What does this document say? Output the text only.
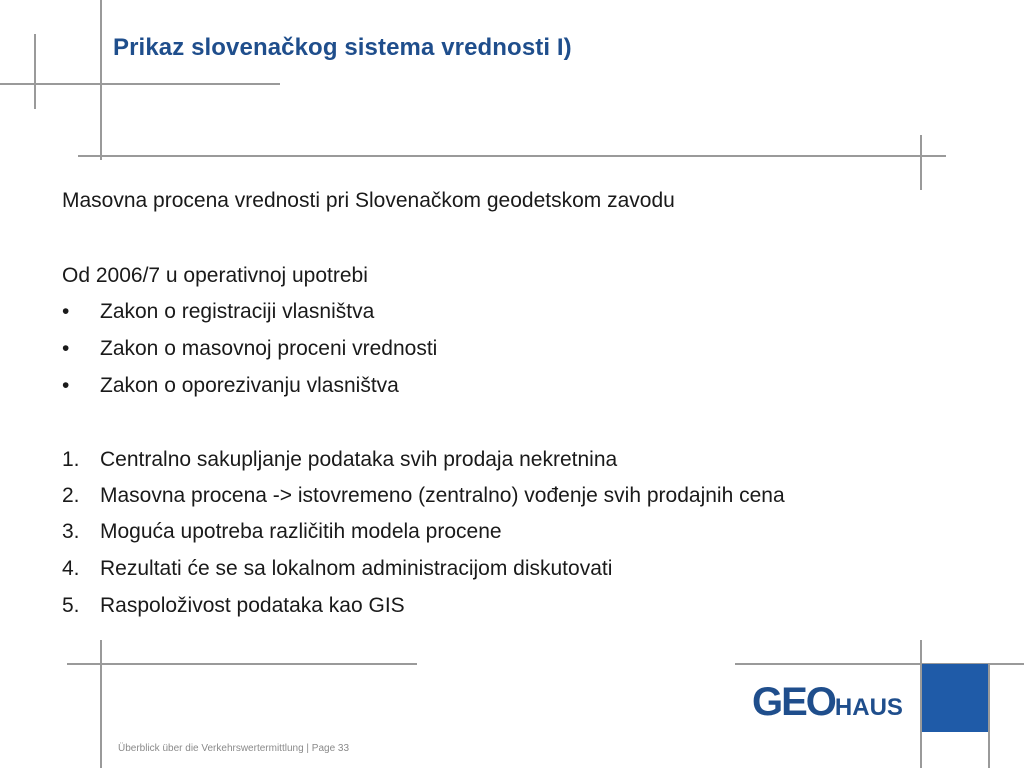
Prikaz slovenačkog sistema vrednosti I)
Masovna procena vrednosti pri Slovenačkom geodetskom zavodu
Od 2006/7 u operativnoj upotrebi
• Zakon o registraciji vlasništva
• Zakon o masovnoj proceni vrednosti
• Zakon o oporezivanju vlasništva
1. Centralno sakupljanje podataka svih prodaja nekretnina
2. Masovna procena -> istovremeno (zentralno) vođenje svih prodajnih cena
3. Moguća upotreba različitih modela procene
4. Rezultati će se sa lokalnom administracijom diskutovati
5. Raspoloživost podataka kao GIS
GEOHAUS
Überblick über die Verkehrswertermittlung | Page 33
